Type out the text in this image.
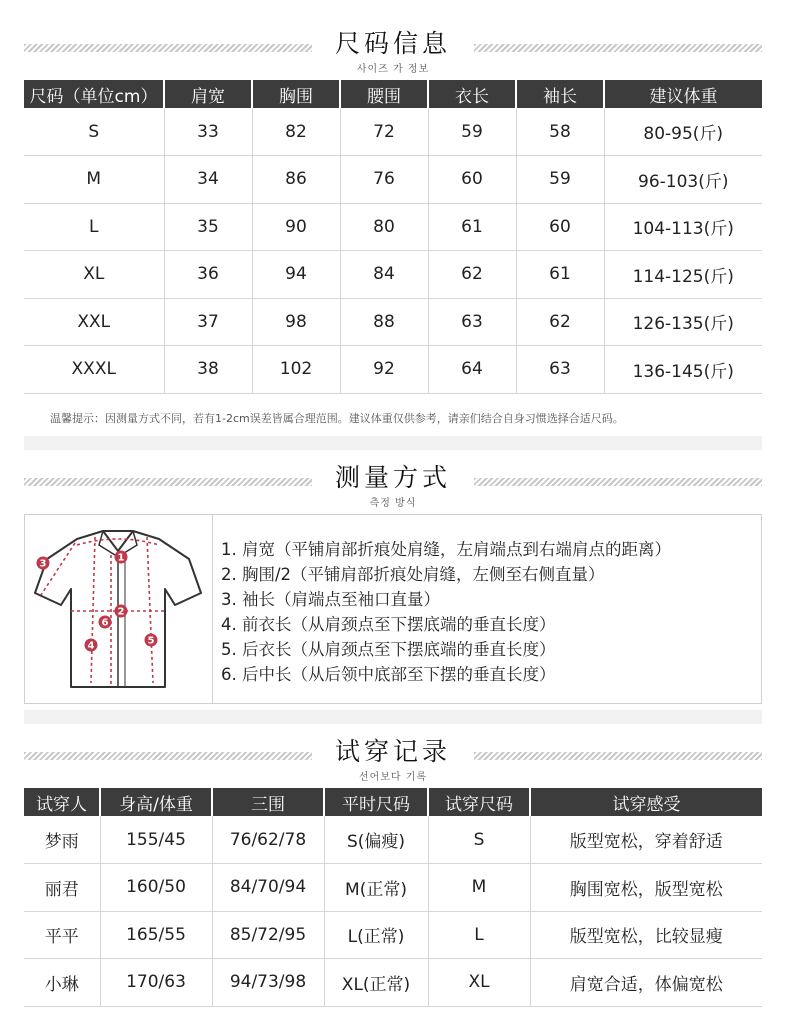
尺码信息
사이즈 가 정보
尺码（单位cm）	肩宽	胸围	腰围	衣长	袖长	建议体重
S	33	82	72	59	58	80-95(斤)
M	34	86	76	60	59	96-103(斤)
L	35	90	80	61	60	104-113(斤)
XL	36	94	84	62	61	114-125(斤)
XXL	37	98	88	63	62	126-135(斤)
XXXL	38	102	92	64	63	136-145(斤)
温馨提示：因测量方式不同，若有1-2cm误差皆属合理范围。建议体重仅供参考，请亲们结合自身习惯选择合适尺码。
测量方式
측정 방식
1
2
3
4	5
6
1. 肩宽（平铺肩部折痕处肩缝，左肩端点到右端肩点的距离）
2. 胸围/2（平铺肩部折痕处肩缝，左侧至右侧直量）
3. 袖长（肩端点至袖口直量）
4. 前衣长（从肩颈点至下摆底端的垂直长度）
5. 后衣长（从肩颈点至下摆底端的垂直长度）
6. 后中长（从后领中底部至下摆的垂直长度）
试穿记录
선어보다 기록
试穿人	身高/体重	三围	平时尺码	试穿尺码	试穿感受
梦雨	155/45	76/62/78	S(偏瘦)	S	版型宽松，穿着舒适
丽君	160/50	84/70/94	M(正常)	M	胸围宽松，版型宽松
平平	165/55	85/72/95	L(正常)	L	版型宽松，比较显瘦
小琳	170/63	94/73/98	XL(正常)	XL	肩宽合适，体偏宽松
